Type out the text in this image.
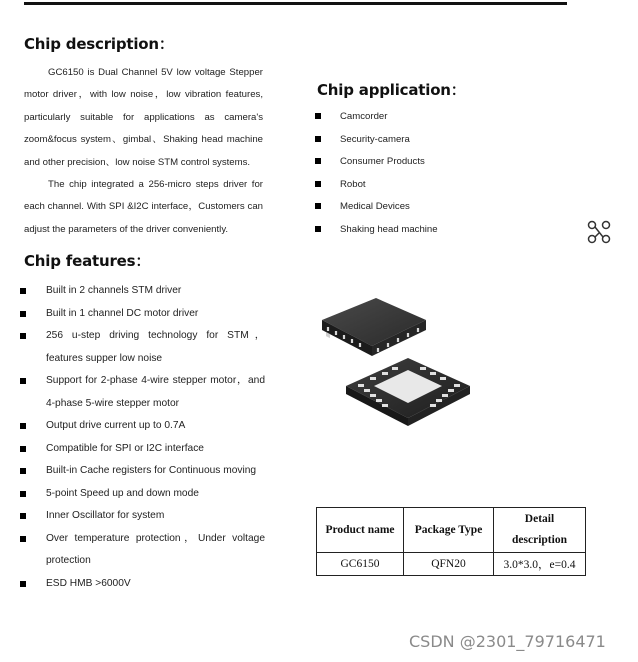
Chip description：

GC6150 is Dual Channel 5V low voltage Stepper motor driver，with low noise，low vibration features, particularly suitable for applications as camera's zoom&focus system、gimbal、Shaking head machine and other precision、low noise STM control systems.

The chip integrated a 256-micro steps driver for each channel. With SPI &I2C interface，Customers can adjust the parameters of the driver conveniently.

Chip features：
Built in 2 channels STM driver
Built in 1 channel DC motor driver
256 u-step driving technology for STM，features supper low noise
Support for 2-phase 4-wire stepper motor，and 4-phase 5-wire stepper motor
Output drive current up to 0.7A
Compatible for SPI or I2C interface
Built-in Cache registers for Continuous moving
5-point Speed up and down mode
Inner Oscillator for system
Over temperature protection，Under voltage protection
ESD HMB >6000V
Chip application：
Camcorder
Security-camera
Consumer Products
Robot
Medical Devices
Shaking head machine
Product name	Package Type	Detail description
GC6150	QFN20	3.0*3.0，e=0.4
CSDN @2301_79716471
